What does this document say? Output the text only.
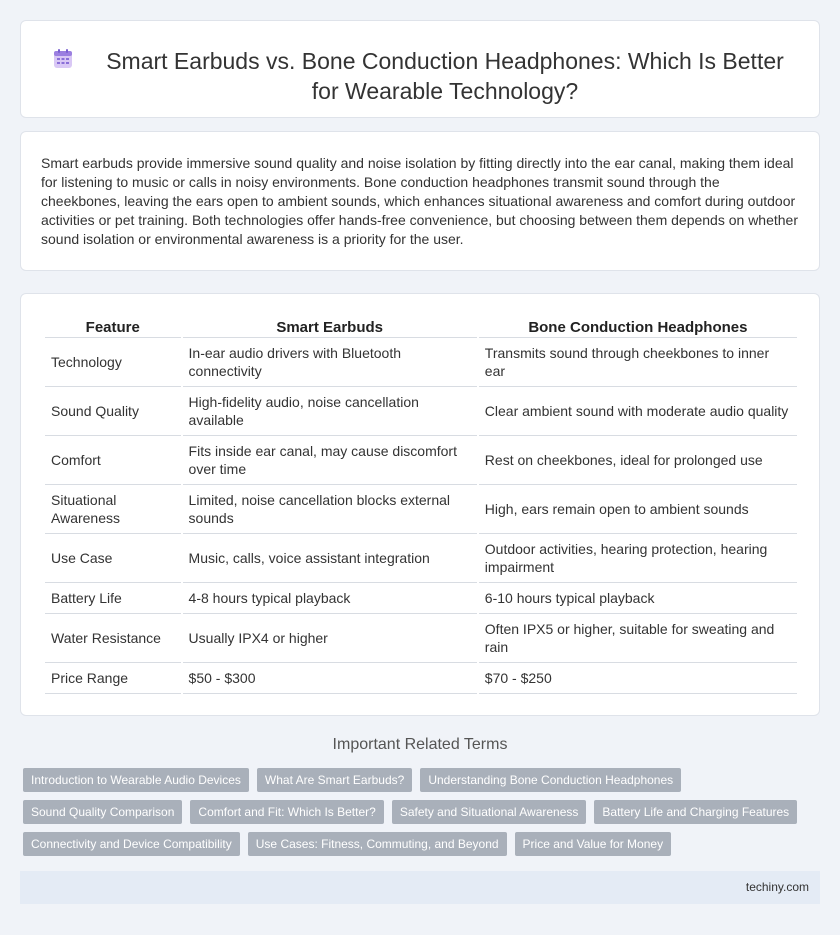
Smart Earbuds vs. Bone Conduction Headphones: Which Is Better for Wearable Technology?

Smart earbuds provide immersive sound quality and noise isolation by fitting directly into the ear canal, making them ideal for listening to music or calls in noisy environments. Bone conduction headphones transmit sound through the cheekbones, leaving the ears open to ambient sounds, which enhances situational awareness and comfort during outdoor activities or pet training. Both technologies offer hands-free convenience, but choosing between them depends on whether sound isolation or environmental awareness is a priority for the user.

Feature	Smart Earbuds	Bone Conduction Headphones
Technology	In-ear audio drivers with Bluetooth connectivity	Transmits sound through cheekbones to inner ear
Sound Quality	High-fidelity audio, noise cancellation available	Clear ambient sound with moderate audio quality
Comfort	Fits inside ear canal, may cause discomfort over time	Rest on cheekbones, ideal for prolonged use
Situational Awareness	Limited, noise cancellation blocks external sounds	High, ears remain open to ambient sounds
Use Case	Music, calls, voice assistant integration	Outdoor activities, hearing protection, hearing impairment
Battery Life	4-8 hours typical playback	6-10 hours typical playback
Water Resistance	Usually IPX4 or higher	Often IPX5 or higher, suitable for sweating and rain
Price Range	$50 - $300	$70 - $250
Important Related Terms
Introduction to Wearable Audio Devices	What Are Smart Earbuds?	Understanding Bone Conduction Headphones
Sound Quality Comparison	Comfort and Fit: Which Is Better?	Safety and Situational Awareness	Battery Life and Charging Features
Connectivity and Device Compatibility	Use Cases: Fitness, Commuting, and Beyond	Price and Value for Money
techiny.com
